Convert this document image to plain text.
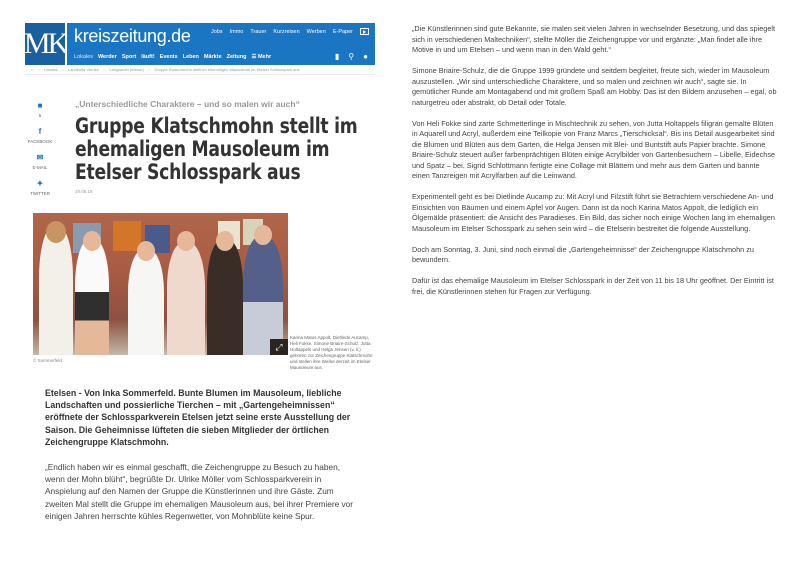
MK kreiszeitung.de	Jobs Immo Trauer Kurzreisen Werben E-Paper
Lokales Werder Sport läuft! Events Leben Märkte Zeitung ☰ Mehr	▮ ⚲ ●
⌂ > Lokales > Landkreis Verden > Langwedel (Weser) > Gruppe Klatschmohn stellt im ehemaligen Mausoleum im Etelser Schlosspark aus
■
6
f
FACEBOOK
✉
E-MAIL
✦
TWITTER
„Unterschiedliche Charaktere – und so malen wir auch“
Gruppe Klatschmohn stellt im ehemaligen Mausoleum im Etelser Schlosspark aus
29.05.18
⤢
© Sommerfeld
Karina Matos Appolt, Dietlinde Aucamp, Heli Fokke, Simone Briaire-Schulz, Jutta Holtappels und Helga Jensen (v. li.) gehören zur Zeichengruppe Klatschmohn und stellen ihre Werke derzeit im Etelser Mausoleum aus.

Etelsen - Von Inka Sommerfeld. Bunte Blumen im Mausoleum, liebliche Landschaften und possierliche Tierchen – mit „Gartengeheimnissen“ eröffnete der Schlossparkverein Etelsen jetzt seine erste Ausstellung der Saison. Die Geheimnisse lüfteten die sieben Mitglieder der örtlichen Zeichengruppe Klatschmohn.

„Endlich haben wir es einmal geschafft, die Zeichengruppe zu Besuch zu haben, wenn der Mohn blüht“, begrüßte Dr. Ulrike Möller vom Schlossparkverein in Anspielung auf den Namen der Gruppe die Künstlerinnen und ihre Gäste. Zum zweiten Mal stellt die Gruppe im ehemaligen Mausoleum aus, bei ihrer Premiere vor einigen Jahren herrschte kühles Regenwetter, von Mohnblüte keine Spur.

„Die Künstlerinnen sind gute Bekannte, sie malen seit vielen Jahren in wechselnder Besetzung, und das spiegelt sich in verschiedenen Maltechniken“, stellte Möller die Zeichengruppe vor und ergänzte: „Man findet alle ihre Motive in und um Etelsen – und wenn man in den Wald geht.“

Simone Briaire-Schulz, die die Gruppe 1999 gründete und seitdem begleitet, freute sich, wieder im Mausoleum auszustellen. „Wir sind unterschiedliche Charaktere, und so malen und zeichnen wir auch“, sagte sie. In gemütlicher Runde am Montagabend und mit großem Spaß am Hobby. Das ist den Bildern anzusehen – egal, ob naturgetreu oder abstrakt, ob Detail oder Totale.

Von Heli Fokke sind zarte Schmetterlinge in Mischtechnik zu sehen, von Jutta Holtappels filigran gemalte Blüten in Aquarell und Acryl, außerdem eine Teilkopie von Franz Marcs „Tierschicksal“. Bis ins Detail ausgearbeitet sind die Blumen und Blüten aus dem Garten, die Helga Jensen mit Blei- und Buntstift aufs Papier brachte. Simone Briaire-Schulz steuert außer farbenprächtigen Blüten einige Acrylbilder von Gartenbesuchern – Libelle, Eidechse und Spatz – bei. Sigrid Schlottmann fertigte eine Collage mit Blättern und mehr aus dem Garten und bannte einen Tanzreigen mit Acrylfarben auf die Leinwand.

Experimentell geht es bei Dietlinde Aucamp zu: Mit Acryl und Filzstift führt sie Betrachtern verschiedene An- und Einsichten von Bäumen und einem Apfel vor Augen. Dann ist da noch Karina Matos Appolt, die lediglich ein Ölgemälde präsentiert: die Ansicht des Paradieses. Ein Bild, das sicher noch einige Wochen lang im ehemaligen Mausoleum im Etelser Schosspark zu sehen sein wird – die Etelserin bestreitet die folgende Ausstellung.

Doch am Sonntag, 3. Juni, sind noch einmal die „Gartengeheimnisse“ der Zeichengruppe Klatschmohn zu bewundern.

Dafür ist das ehemalige Mausoleum im Etelser Schlosspark in der Zeit von 11 bis 18 Uhr geöffnet. Der Eintritt ist frei, die Künstlerinnen stehen für Fragen zur Verfügung.
